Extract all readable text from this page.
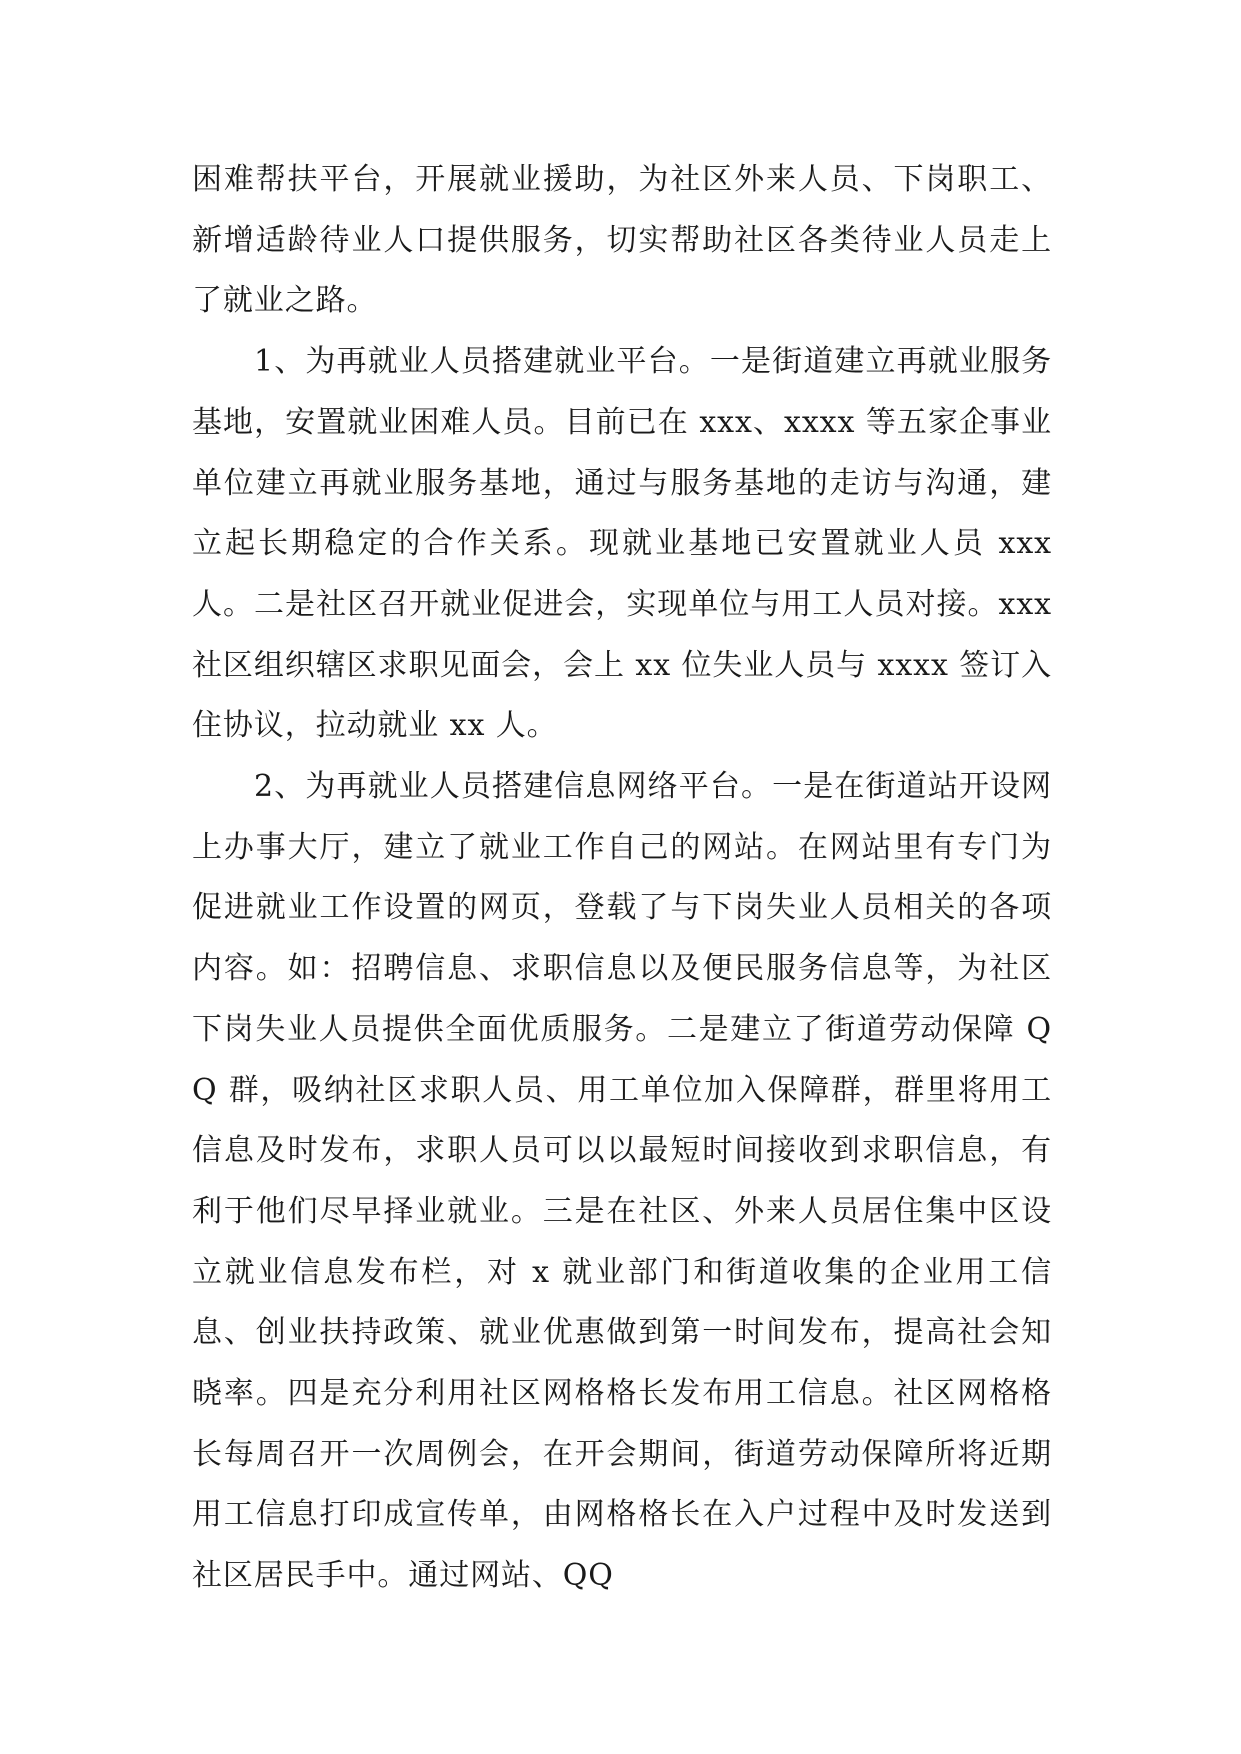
困难帮扶平台，开展就业援助，为社区外来人员、下岗职工、新增适龄待业人口提供服务，切实帮助社区各类待业人员走上了就业之路。

1、为再就业人员搭建就业平台。一是街道建立再就业服务基地，安置就业困难人员。目前已在 xxx、xxxx 等五家企事业单位建立再就业服务基地，通过与服务基地的走访与沟通，建立起长期稳定的合作关系。现就业基地已安置就业人员 xxx 人。二是社区召开就业促进会，实现单位与用工人员对接。xxx 社区组织辖区求职见面会，会上 xx 位失业人员与 xxxx 签订入住协议，拉动就业 xx 人。

2、为再就业人员搭建信息网络平台。一是在街道站开设网上办事大厅，建立了就业工作自己的网站。在网站里有专门为促进就业工作设置的网页，登载了与下岗失业人员相关的各项内容。如：招聘信息、求职信息以及便民服务信息等，为社区下岗失业人员提供全面优质服务。二是建立了街道劳动保障 QQ 群，吸纳社区求职人员、用工单位加入保障群，群里将用工信息及时发布，求职人员可以以最短时间接收到求职信息，有利于他们尽早择业就业。三是在社区、外来人员居住集中区设立就业信息发布栏，对 x 就业部门和街道收集的企业用工信息、创业扶持政策、就业优惠做到第一时间发布，提高社会知晓率。四是充分利用社区网格格长发布用工信息。社区网格格长每周召开一次周例会，在开会期间，街道劳动保障所将近期用工信息打印成宣传单，由网格格长在入户过程中及时发送到社区居民手中。通过网站、QQ
